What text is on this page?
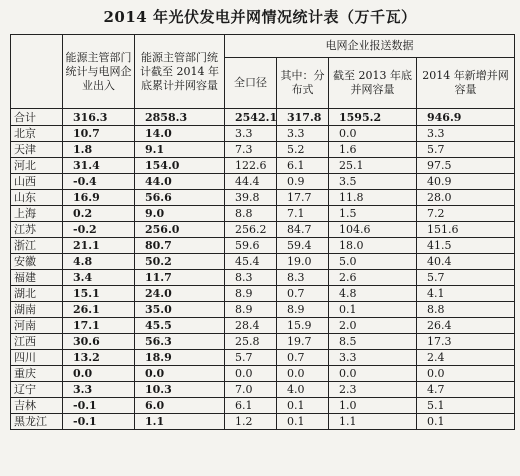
2014 年光伏发电并网情况统计表（万千瓦）
	能源主管部门统计与电网企业出入	能源主管部门统计截至 2014 年底累计并网容量	电网企业报送数据			
			全口径	其中：分布式	截至 2013 年底并网容量	2014 年新增并网容量
合计	316.3	2858.3	2542.1	317.8	1595.2	946.9
北京	10.7	14.0	3.3	3.3	0.0	3.3
天津	1.8	9.1	7.3	5.2	1.6	5.7
河北	31.4	154.0	122.6	6.1	25.1	97.5
山西	-0.4	44.0	44.4	0.9	3.5	40.9
山东	16.9	56.6	39.8	17.7	11.8	28.0
上海	0.2	9.0	8.8	7.1	1.5	7.2
江苏	-0.2	256.0	256.2	84.7	104.6	151.6
浙江	21.1	80.7	59.6	59.4	18.0	41.5
安徽	4.8	50.2	45.4	19.0	5.0	40.4
福建	3.4	11.7	8.3	8.3	2.6	5.7
湖北	15.1	24.0	8.9	0.7	4.8	4.1
湖南	26.1	35.0	8.9	8.9	0.1	8.8
河南	17.1	45.5	28.4	15.9	2.0	26.4
江西	30.6	56.3	25.8	19.7	8.5	17.3
四川	13.2	18.9	5.7	0.7	3.3	2.4
重庆	0.0	0.0	0.0	0.0	0.0	0.0
辽宁	3.3	10.3	7.0	4.0	2.3	4.7
吉林	-0.1	6.0	6.1	0.1	1.0	5.1
黑龙江	-0.1	1.1	1.2	0.1	1.1	0.1
